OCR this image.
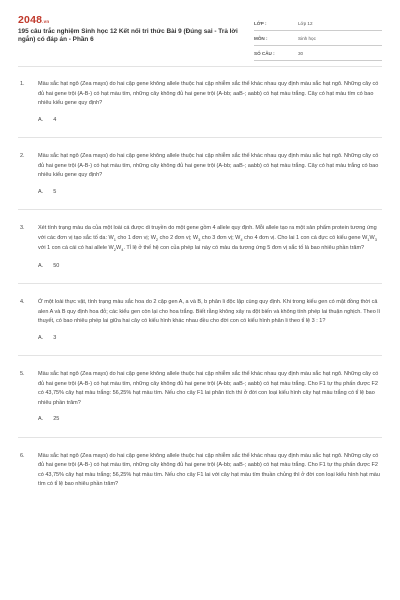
2048.vn
195 câu trắc nghiệm Sinh học 12 Kết nối tri thức Bài 9 (Đúng sai - Trả lời ngắn) có đáp án - Phần 6
LỚP :	Lớp 12
MÔN :	Sinh học
SỐ CÂU :	30
1. Màu sắc hạt ngô (Zea mays) do hai cặp gene không allele thuộc hai cặp nhiễm sắc thể khác nhau quy định màu sắc hạt ngô. Những cây có đủ hai gene trội (A-B-) có hạt màu tím, những cây không đủ hai gene trội (A-bb; aaB-; aabb) có hạt màu trắng. Cây có hạt màu tím có bao nhiêu kiểu gene quy định?

A. 4
2. Màu sắc hạt ngô (Zea mays) do hai cặp gene không allele thuộc hai cặp nhiễm sắc thể khác nhau quy định màu sắc hạt ngô. Những cây có đủ hai gene trội (A-B-) có hạt màu tím, những cây không đủ hai gene trội (A-bb; aaB-; aabb) có hạt màu trắng. Cây có hạt màu trắng có bao nhiêu kiểu gene quy định?

A. 5
3. Xét tính trạng màu da của một loài cá được di truyền do một gene gồm 4 allele quy định. Mỗi allele tạo ra một sản phẩm protein tương ứng với các đơn vị tạo sắc tố da: $W_1$ cho 1 đơn vị; $W_2$ cho 2 đơn vị; $W_3$ cho 3 đơn vị; $W_4$ cho 4 đơn vị. Cho lai 1 con cá đực có kiểu gene $W_1W_3$ với 1 con cá cái có hai allele $W_2W_4$. Tỉ lệ ở thế hệ con của phép lai này có màu da tương ứng 5 đơn vị sắc tố là bao nhiêu phần trăm?

A. 50
4. Ở một loài thực vật, tính trạng màu sắc hoa do 2 cặp gen A, a và B, b phân li độc lập cùng quy định. Khi trong kiểu gen có mặt đồng thời cả alen A và B quy định hoa đỏ; các kiểu gen còn lại cho hoa trắng. Biết rằng không xảy ra đột biến và không tính phép lai thuận nghịch. Theo lí thuyết, có bao nhiêu phép lai giữa hai cây có kiểu hình khác nhau đều cho đời con có kiểu hình phân li theo tỉ lệ 3 : 1?

A. 3
5. Màu sắc hạt ngô (Zea mays) do hai cặp gene không allele thuộc hai cặp nhiễm sắc thể khác nhau quy định màu sắc hạt ngô. Những cây có đủ hai gene trội (A-B-) có hạt màu tím, những cây không đủ hai gene trội (A-bb; aaB-; aabb) có hạt màu trắng. Cho F1 tự thụ phấn được F2 có 43,75% cây hạt màu trắng: 56,25% hạt màu tím. Nếu cho cây F1 lai phân tích thì ở đời con loại kiểu hình cây hạt màu trắng có tỉ lệ bao nhiêu phần trăm?

A. 25
6. Màu sắc hạt ngô (Zea mays) do hai cặp gene không allele thuộc hai cặp nhiễm sắc thể khác nhau quy định màu sắc hạt ngô. Những cây có đủ hai gene trội (A-B-) có hạt màu tím, những cây không đủ hai gene trội (A-bb; aaB-; aabb) có hạt màu trắng. Cho F1 tự thụ phấn được F2 có 43,75% cây hạt màu trắng; 56,25% hạt màu tím. Nếu cho cây F1 lai với cây hạt màu tím thuần chủng thì ở đời con loại kiểu hình hạt màu tím có tỉ lệ bao nhiêu phần trăm?
